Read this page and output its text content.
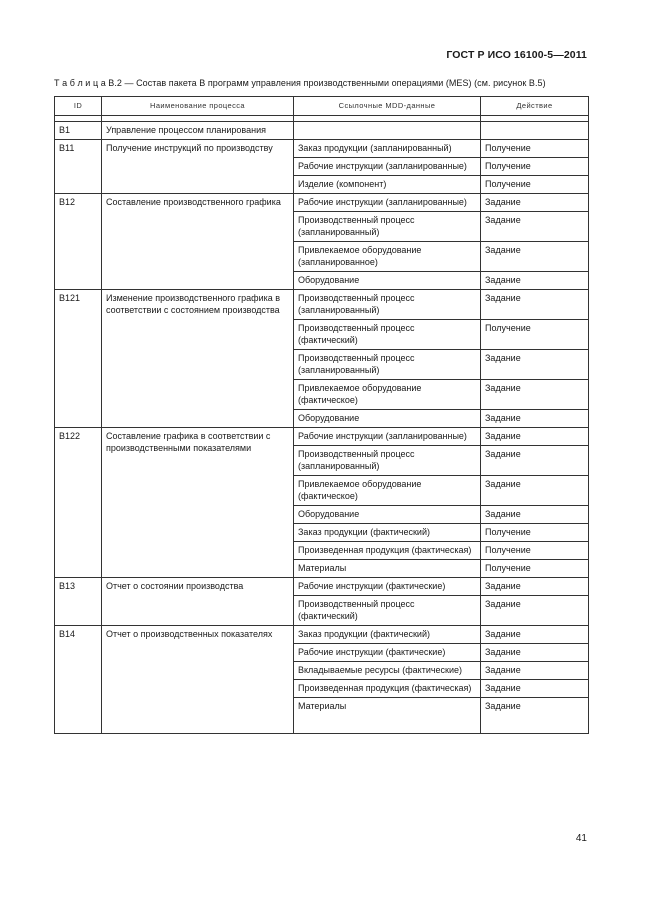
ГОСТ Р ИСО 16100-5—2011
Т а б л и ц а В.2 — Состав пакета В программ управления производственными операциями (MES) (см. рисунок В.5)
ID	Наименование процесса	Ссылочные MDD-данные	Действие

В1	Управление процессом планирования		
В11	Получение инструкций по производству	Заказ продукции (запланированный)	Получение
		Рабочие инструкции (запланированные)	Получение
		Изделие (компонент)	Получение
В12	Составление производственного графика	Рабочие инструкции (запланированные)	Задание
		Производственный процесс (запланированный)	Задание
		Привлекаемое оборудование (запланированное)	Задание
		Оборудование	Задание
В121	Изменение производственного графика в соответствии с состоянием производства	Производственный процесс (запланированный)	Задание
		Производственный процесс (фактический)	Получение
		Производственный процесс (запланированный)	Задание
		Привлекаемое оборудование (фактическое)	Задание
		Оборудование	Задание
В122	Составление графика в соответствии с производственными показателями	Рабочие инструкции (запланированные)	Задание
		Производственный процесс (запланированный)	Задание
		Привлекаемое оборудование (фактическое)	Задание
		Оборудование	Задание
		Заказ продукции (фактический)	Получение
		Произведенная продукция (фактическая)	Получение
		Материалы	Получение
В13	Отчет о состоянии производства	Рабочие инструкции (фактические)	Задание
		Производственный процесс (фактический)	Задание
В14	Отчет о производственных показателях	Заказ продукции (фактический)	Задание
		Рабочие инструкции (фактические)	Задание
		Вкладываемые ресурсы (фактические)	Задание
		Произведенная продукция (фактическая)	Задание
		Материалы	Задание
41
